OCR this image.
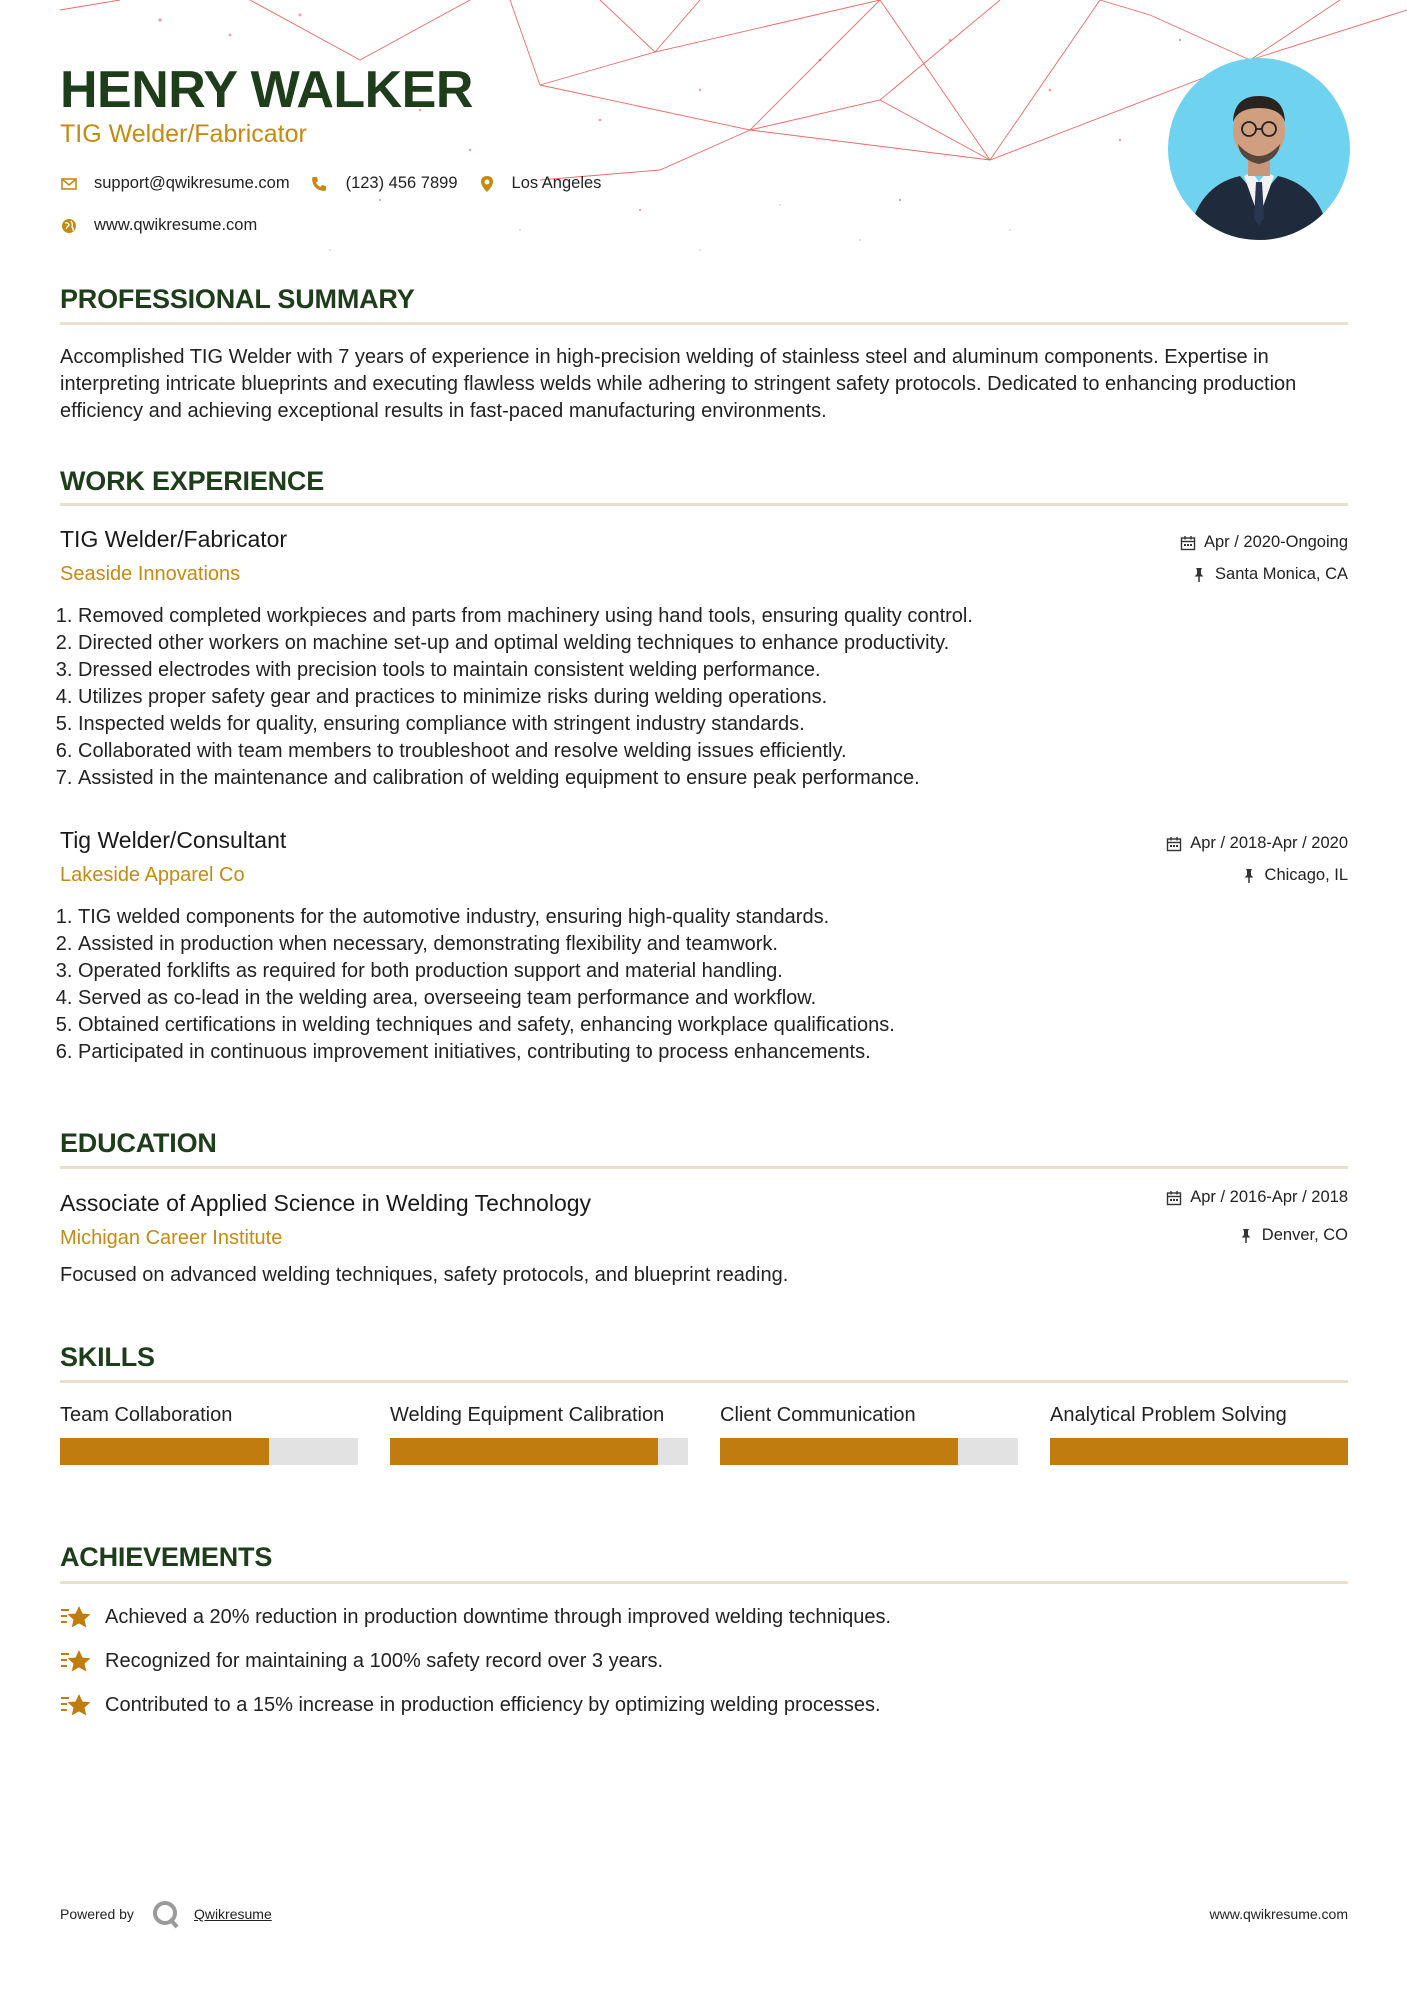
HENRY WALKER
TIG Welder/Fabricator
support@qwikresume.com	(123) 456 7899	Los Angeles
www.qwikresume.com
PROFESSIONAL SUMMARY
Accomplished TIG Welder with 7 years of experience in high-precision welding of stainless steel and aluminum components. Expertise in interpreting intricate blueprints and executing flawless welds while adhering to stringent safety protocols. Dedicated to enhancing production efficiency and achieving exceptional results in fast-paced manufacturing environments.
WORK EXPERIENCE
TIG Welder/Fabricator
Seaside Innovations
Apr / 2020-Ongoing
Santa Monica, CA
1. Removed completed workpieces and parts from machinery using hand tools, ensuring quality control.
2. Directed other workers on machine set-up and optimal welding techniques to enhance productivity.
3. Dressed electrodes with precision tools to maintain consistent welding performance.
4. Utilizes proper safety gear and practices to minimize risks during welding operations.
5. Inspected welds for quality, ensuring compliance with stringent industry standards.
6. Collaborated with team members to troubleshoot and resolve welding issues efficiently.
7. Assisted in the maintenance and calibration of welding equipment to ensure peak performance.
Tig Welder/Consultant
Lakeside Apparel Co
Apr / 2018-Apr / 2020
Chicago, IL
1. TIG welded components for the automotive industry, ensuring high-quality standards.
2. Assisted in production when necessary, demonstrating flexibility and teamwork.
3. Operated forklifts as required for both production support and material handling.
4. Served as co-lead in the welding area, overseeing team performance and workflow.
5. Obtained certifications in welding techniques and safety, enhancing workplace qualifications.
6. Participated in continuous improvement initiatives, contributing to process enhancements.
EDUCATION
Associate of Applied Science in Welding Technology
Michigan Career Institute
Apr / 2016-Apr / 2018
Denver, CO
Focused on advanced welding techniques, safety protocols, and blueprint reading.
SKILLS
Team Collaboration	Welding Equipment Calibration	Client Communication	Analytical Problem Solving
ACHIEVEMENTS
Achieved a 20% reduction in production downtime through improved welding techniques.
Recognized for maintaining a 100% safety record over 3 years.
Contributed to a 15% increase in production efficiency by optimizing welding processes.
Powered by	Qwikresume	www.qwikresume.com
